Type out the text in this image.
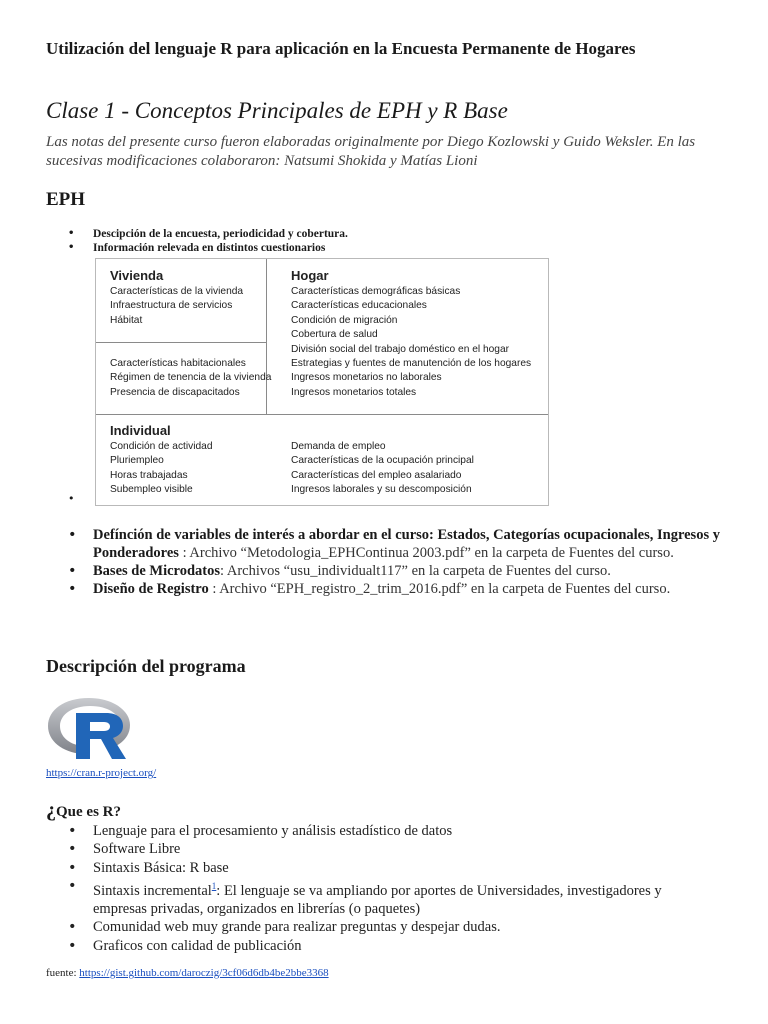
Utilización del lenguaje R para aplicación en la Encuesta Permanente de Hogares
Clase 1 - Conceptos Principales de EPH y R Base

Las notas del presente curso fueron elaboradas originalmente por Diego Kozlowski y Guido Weksler. En las sucesivas modificaciones colaboraron: Natsumi Shokida y Matías Lioni

EPH
• Descipción de la encuesta, periodicidad y cobertura.
• Información relevada en distintos cuestionarios

Vivienda

Características de la vivienda
Infraestructura de servicios
Hábitat
Características habitacionales
Régimen de tenencia de la vivienda
Presencia de discapacitados

Hogar

Características demográficas básicas
Características educacionales
Condición de migración
Cobertura de salud
División social del trabajo doméstico en el hogar
Estrategias y fuentes de manutención de los hogares
Ingresos monetarios no laborales
Ingresos monetarios totales

Individual

Condición de actividad
Pluriempleo
Horas trabajadas
Subempleo visible
Demanda de empleo
Características de la ocupación principal
Características del empleo asalariado
Ingresos laborales y su descomposición
•
• Defínción de variables de interés a abordar en el curso: Estados, Categorías ocupacionales, Ingresos y Ponderadores : Archivo “Metodologia_EPHContinua 2003.pdf” en la carpeta de Fuentes del curso.
• Bases de Microdatos: Archivos “usu_individualt117” en la carpeta de Fuentes del curso.
• Diseño de Registro : Archivo “EPH_registro_2_trim_2016.pdf” en la carpeta de Fuentes del curso.
Descripción del programa
https://cran.r-project.org/
¿Que es R?
• Lenguaje para el procesamiento y análisis estadístico de datos
• Software Libre
• Sintaxis Básica: R base
• Sintaxis incremental$^1$: El lenguaje se va ampliando por aportes de Universidades, investigadores y empresas privadas, organizados en librerías (o paquetes)
• Comunidad web muy grande para realizar preguntas y despejar dudas.
• Graficos con calidad de publicación
fuente: https://gist.github.com/daroczig/3cf06d6db4be2bbe3368
